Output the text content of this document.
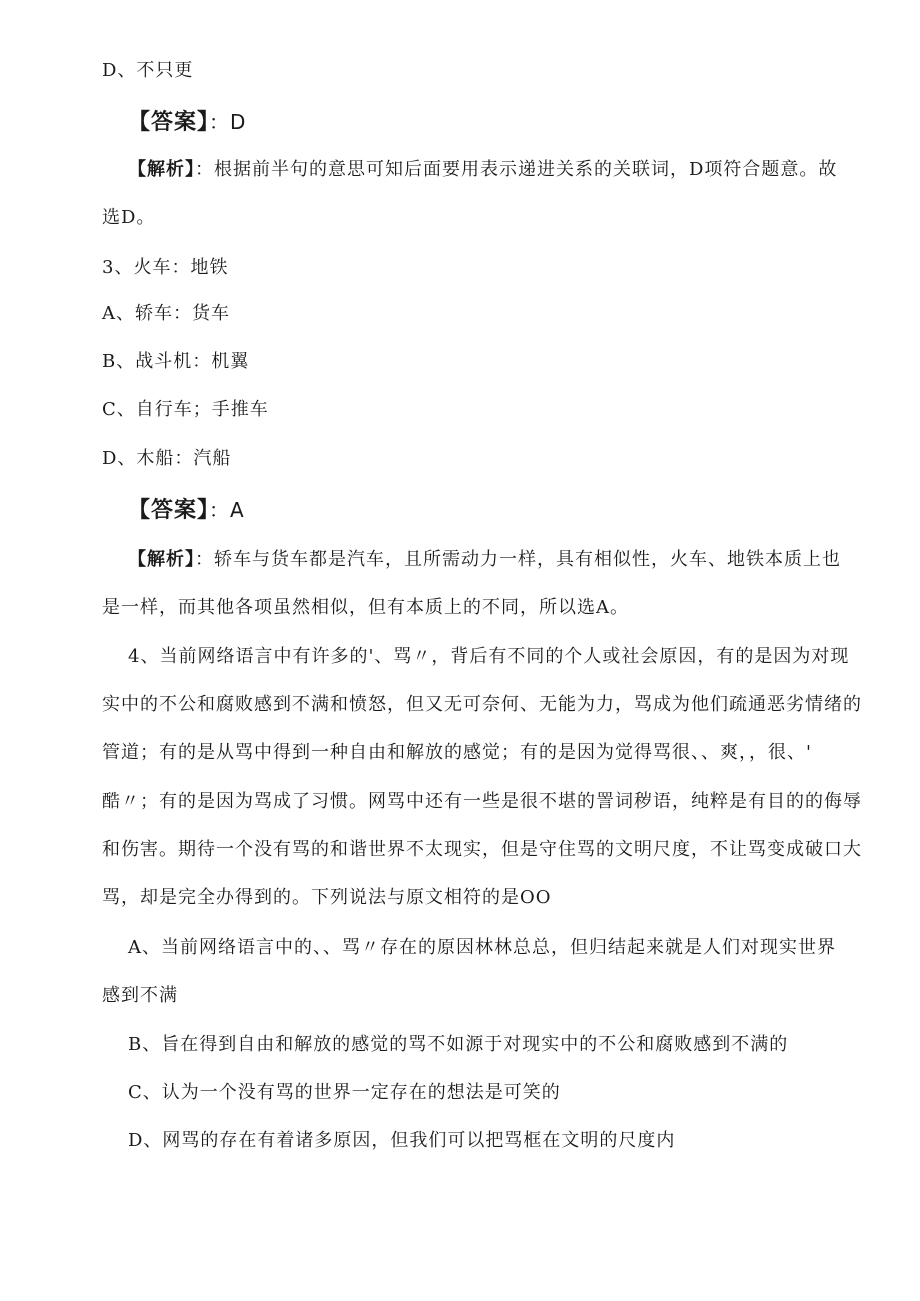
D、不只更
【答案】：D
【解析】：根据前半句的意思可知后面要用表示递进关系的关联词，D项符合题意。故
选D。
3、火车：地铁
A、轿车：货车
B、战斗机：机翼
C、自行车；手推车
D、木船：汽船
【答案】：A
【解析】：轿车与货车都是汽车，且所需动力一样，具有相似性，火车、地铁本质上也
是一样，而其他各项虽然相似，但有本质上的不同，所以选A。
4、当前网络语言中有许多的'、骂〃，背后有不同的个人或社会原因，有的是因为对现
实中的不公和腐败感到不满和愤怒，但又无可奈何、无能为力，骂成为他们疏通恶劣情绪的
管道；有的是从骂中得到一种自由和解放的感觉；有的是因为觉得骂很、、爽，，很、'
酷〃；有的是因为骂成了习惯。网骂中还有一些是很不堪的詈词秽语，纯粹是有目的的侮辱
和伤害。期待一个没有骂的和谐世界不太现实，但是守住骂的文明尺度，不让骂变成破口大
骂，却是完全办得到的。下列说法与原文相符的是OO
A、当前网络语言中的、、骂〃存在的原因林林总总，但归结起来就是人们对现实世界
感到不满
B、旨在得到自由和解放的感觉的骂不如源于对现实中的不公和腐败感到不满的
C、认为一个没有骂的世界一定存在的想法是可笑的
D、网骂的存在有着诸多原因，但我们可以把骂框在文明的尺度内
